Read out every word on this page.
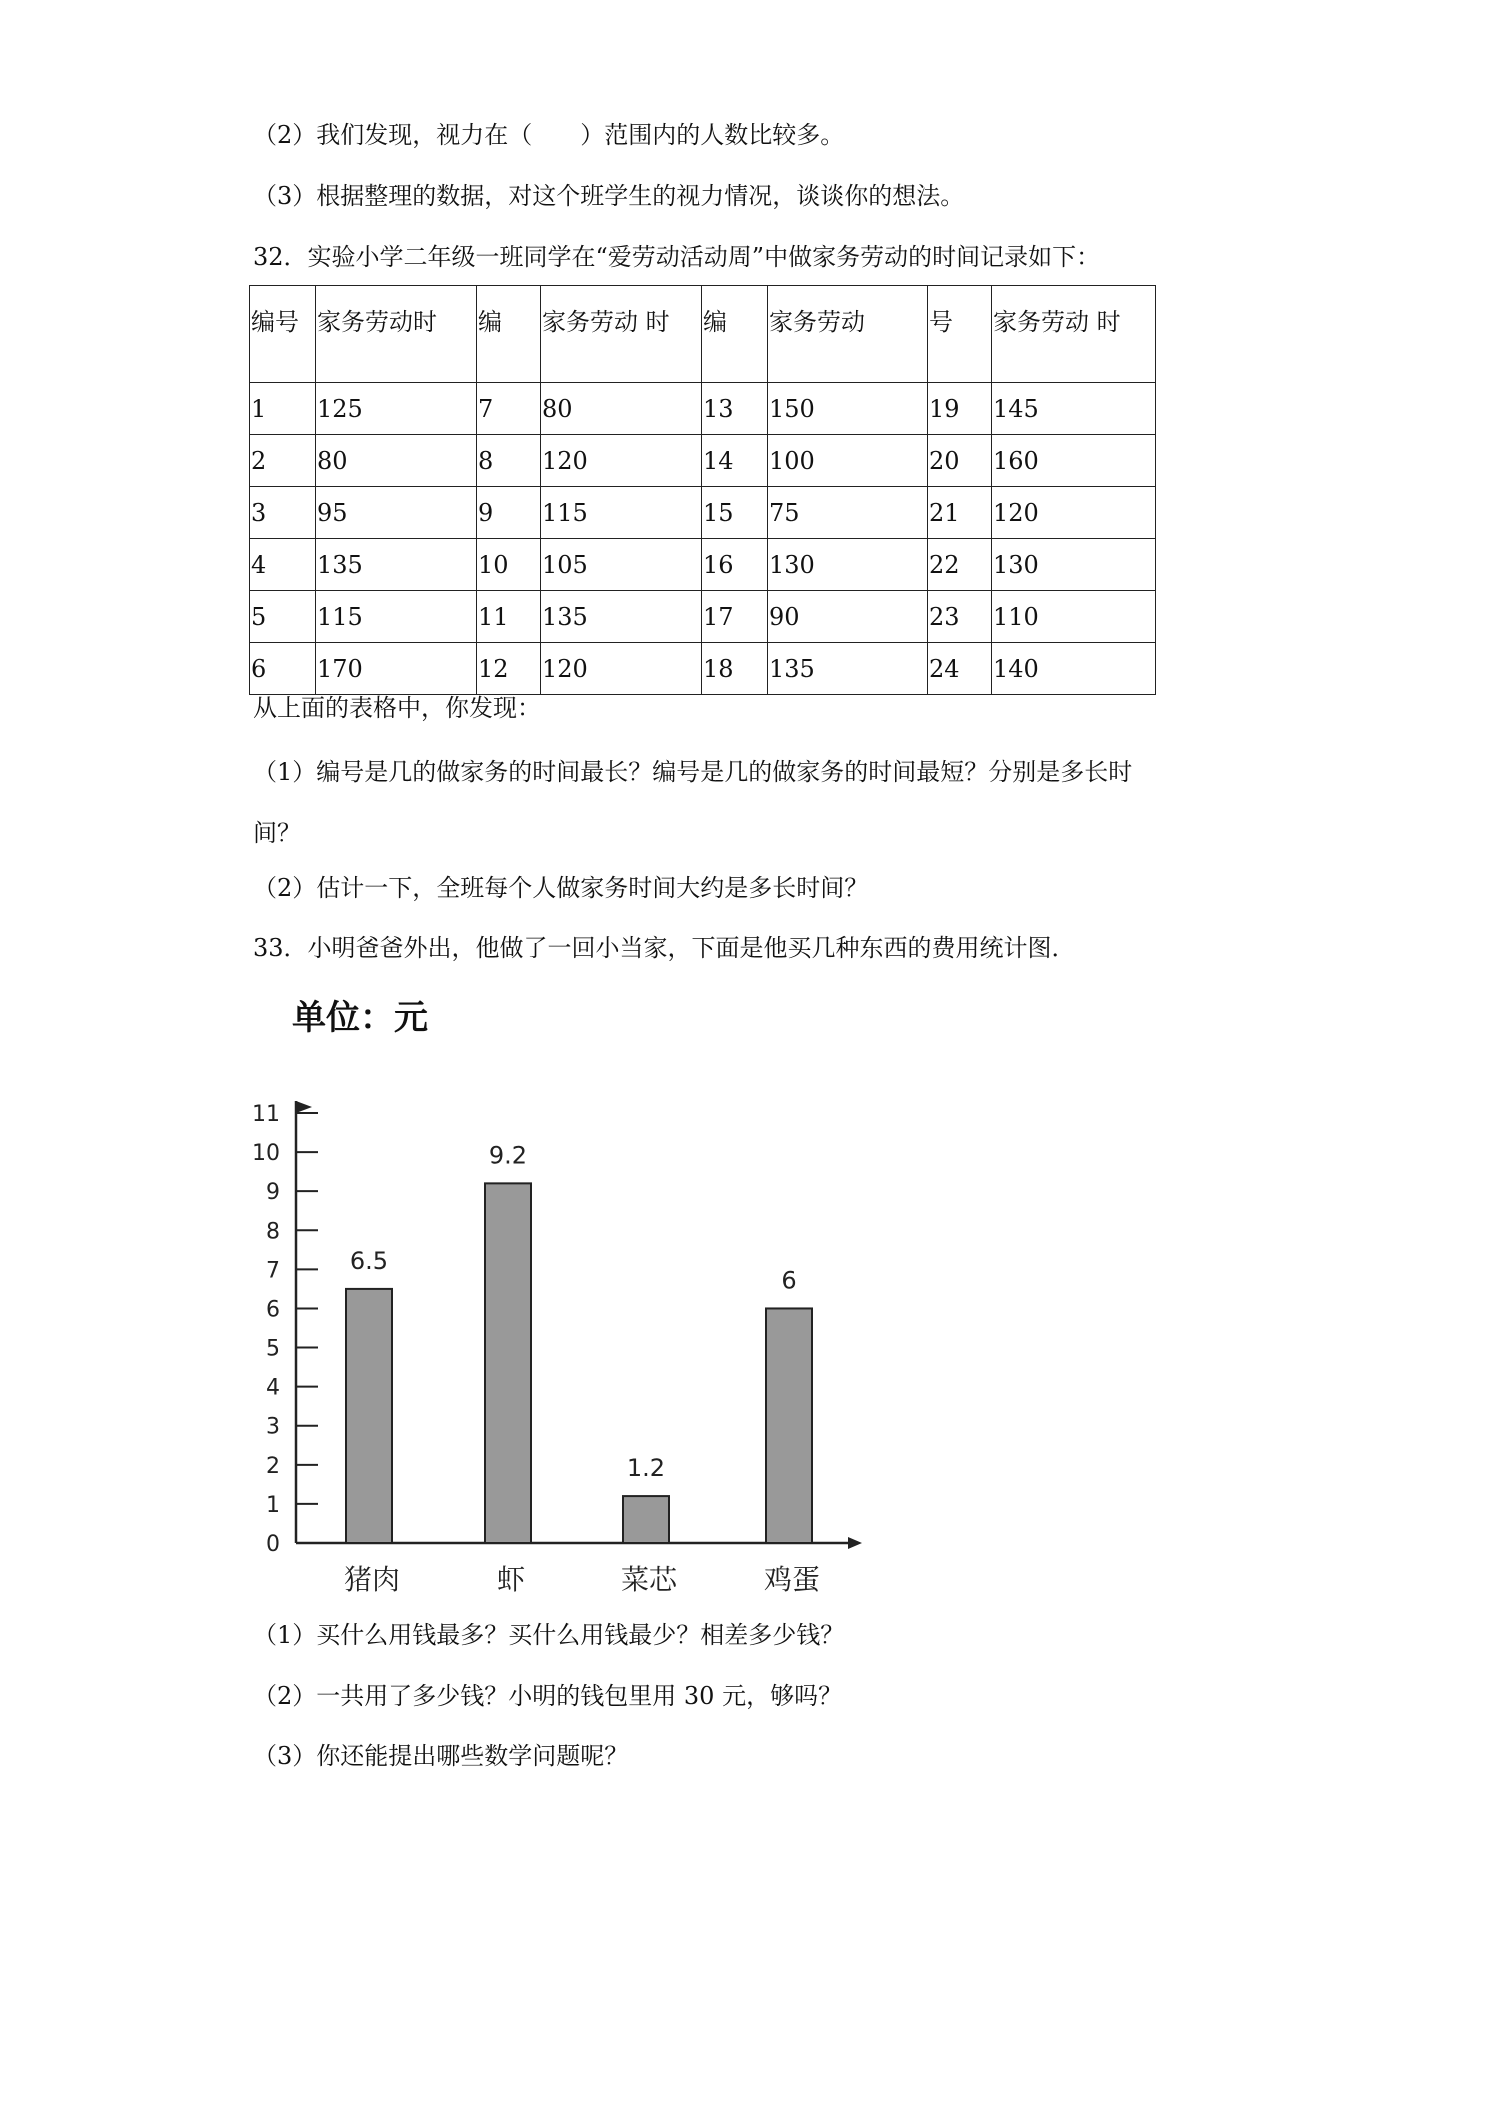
（2）我们发现，视力在（　　）范围内的人数比较多。
（3）根据整理的数据，对这个班学生的视力情况，谈谈你的想法。
32．实验小学二年级一班同学在“爱劳动活动周”中做家务劳动的时间记录如下：
编号	家务劳动时	编	家务劳动 时	编	家务劳动	号	家务劳动 时
1	125	7	80	13	150	19	145
2	80	8	120	14	100	20	160
3	95	9	115	15	75	21	120
4	135	10	105	16	130	22	130
5	115	11	135	17	90	23	110
6	170	12	120	18	135	24	140
从上面的表格中，你发现：
（1）编号是几的做家务的时间最长？编号是几的做家务的时间最短？分别是多长时
间？
（2）估计一下，全班每个人做家务时间大约是多长时间？
33．小明爸爸外出，他做了一回小当家，下面是他买几种东西的费用统计图．
单位：元
0
1
2
3
4
5
6
7
8
9
10
11
6.5
猪肉
9.2
虾
1.2
菜芯
6
鸡蛋
（1）买什么用钱最多？买什么用钱最少？相差多少钱？
（2）一共用了多少钱？小明的钱包里用 30 元，够吗？
（3）你还能提出哪些数学问题呢？
